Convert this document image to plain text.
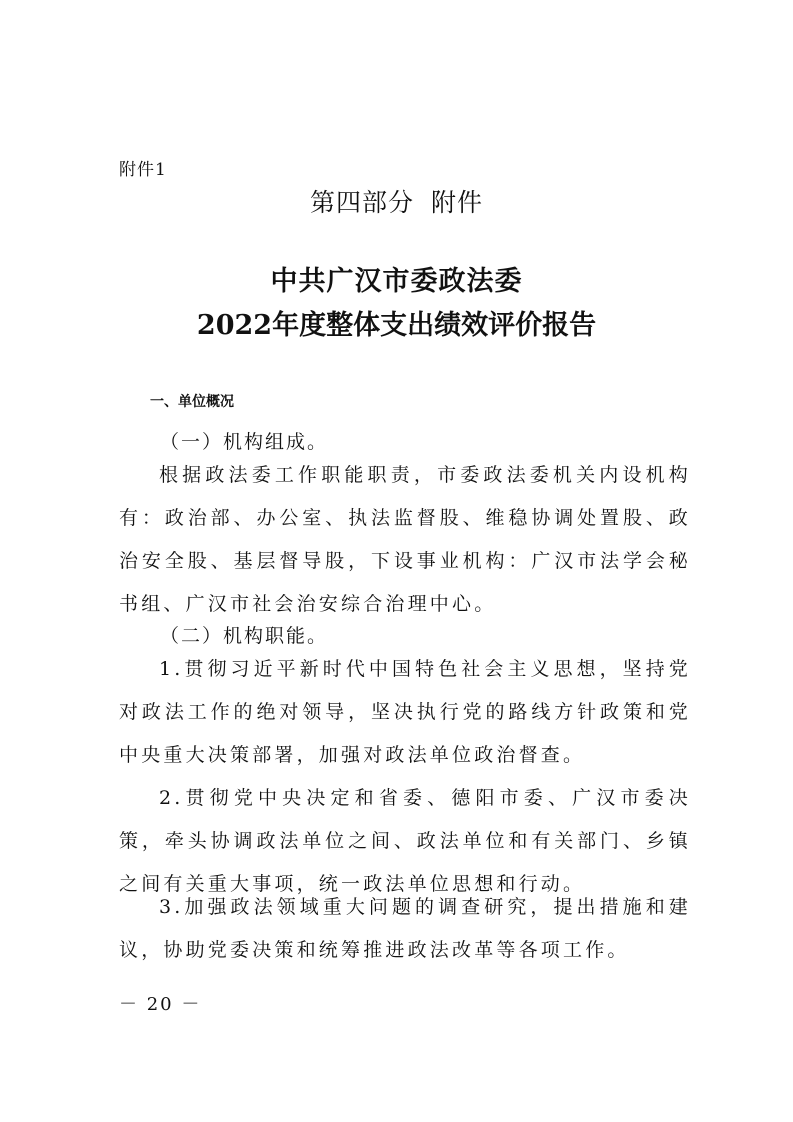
附件1
第四部分 附件
中共广汉市委政法委
2022年度整体支出绩效评价报告
一、单位概况
（一）机构组成。

根据政法委工作职能职责，市委政法委机关内设机构有：政治部、办公室、执法监督股、维稳协调处置股、政治安全股、基层督导股，下设事业机构：广汉市法学会秘书组、广汉市社会治安综合治理中心。

（二）机构职能。

1.贯彻习近平新时代中国特色社会主义思想，坚持党对政法工作的绝对领导，坚决执行党的路线方针政策和党中央重大决策部署，加强对政法单位政治督查。

2.贯彻党中央决定和省委、德阳市委、广汉市委决策，牵头协调政法单位之间、政法单位和有关部门、乡镇之间有关重大事项，统一政法单位思想和行动。

3.加强政法领域重大问题的调查研究，提出措施和建议，协助党委决策和统筹推进政法改革等各项工作。

－ 20 －
